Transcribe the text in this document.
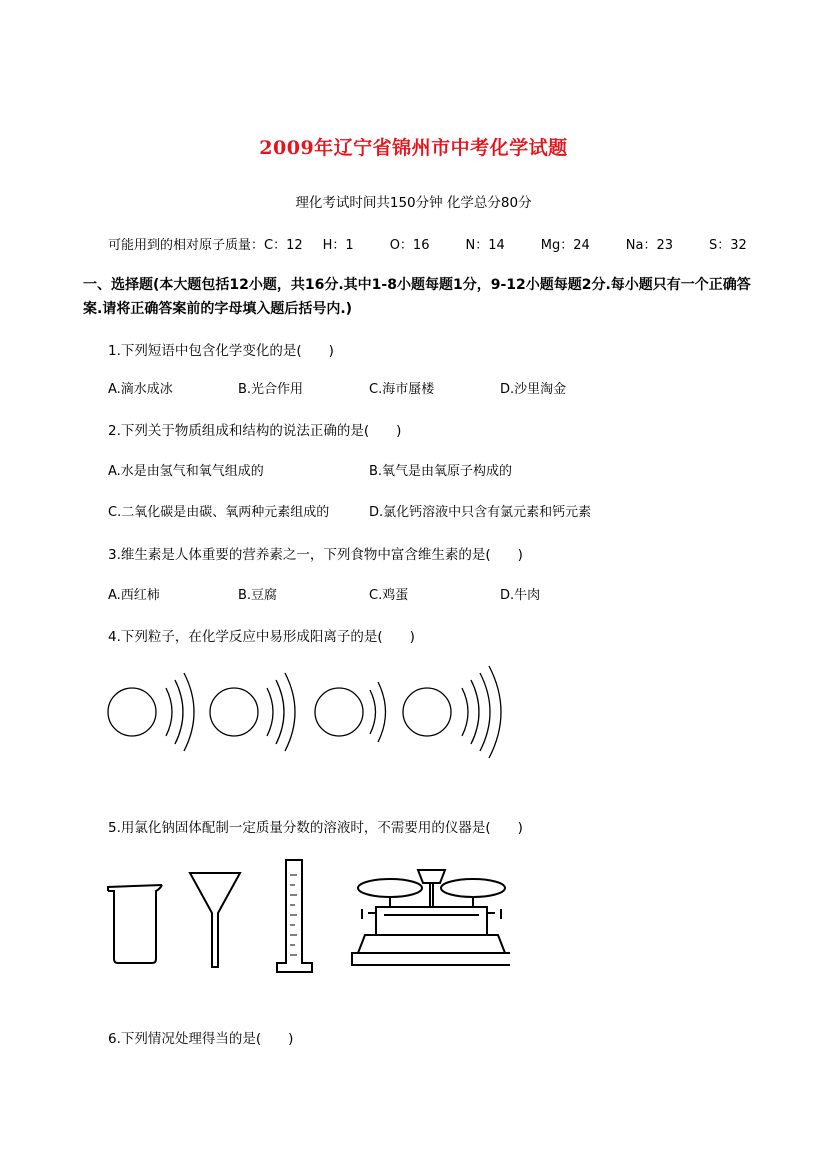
2009年辽宁省锦州市中考化学试题
理化考试时间共150分钟 化学总分80分
可能用到的相对原子质量：C：12 H：1	O：16	N：14	Mg：24	Na：23	S：32
一、选择题(本大题包括12小题，共16分.其中1-8小题每题1分，9-12小题每题2分.每小题只有一个正确答案.请将正确答案前的字母填入题后括号内.)
1.下列短语中包含化学变化的是(　　)
A.滴水成冰	B.光合作用	C.海市蜃楼	D.沙里淘金
2.下列关于物质组成和结构的说法正确的是(　　)
A.水是由氢气和氧气组成的	B.氧气是由氧原子构成的
C.二氧化碳是由碳、氧两种元素组成的	D.氯化钙溶液中只含有氯元素和钙元素
3.维生素是人体重要的营养素之一，下列食物中富含维生素的是(　　)
A.西红柿	B.豆腐	C.鸡蛋	D.牛肉
4.下列粒子，在化学反应中易形成阳离子的是(　　)
5.用氯化钠固体配制一定质量分数的溶液时，不需要用的仪器是(　　)
6.下列情况处理得当的是(　　)
